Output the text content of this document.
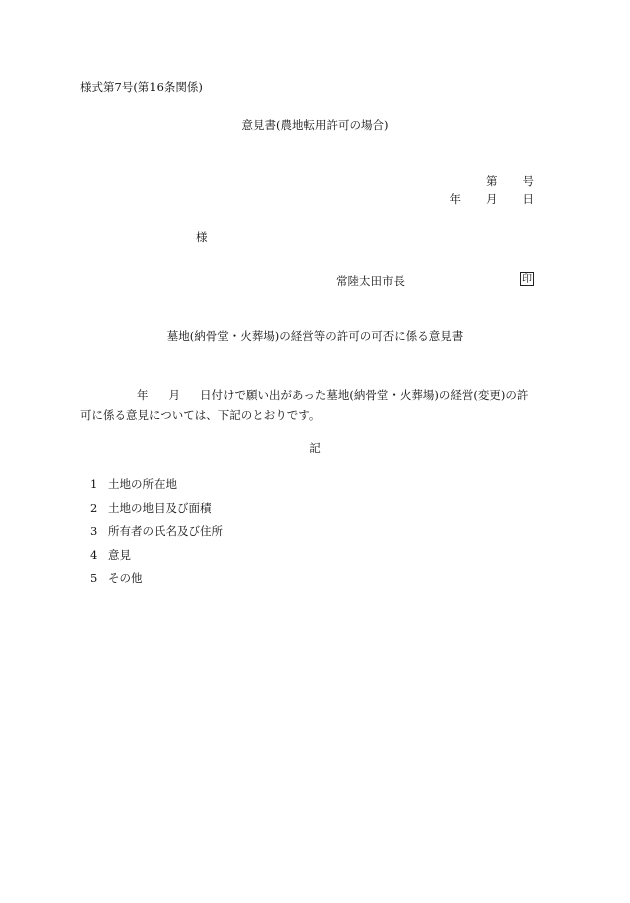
様式第7号(第16条関係)
意見書(農地転用許可の場合)
第 号
年 月 日
様
常陸太田市長	印
墓地(納骨堂・火葬場)の経営等の許可の可否に係る意見書
年 月 日付けで願い出があった墓地(納骨堂・火葬場)の経営(変更)の許
可に係る意見については、下記のとおりです。
記
1 土地の所在地
2 土地の地目及び面積
3 所有者の氏名及び住所
4 意見
5 その他
